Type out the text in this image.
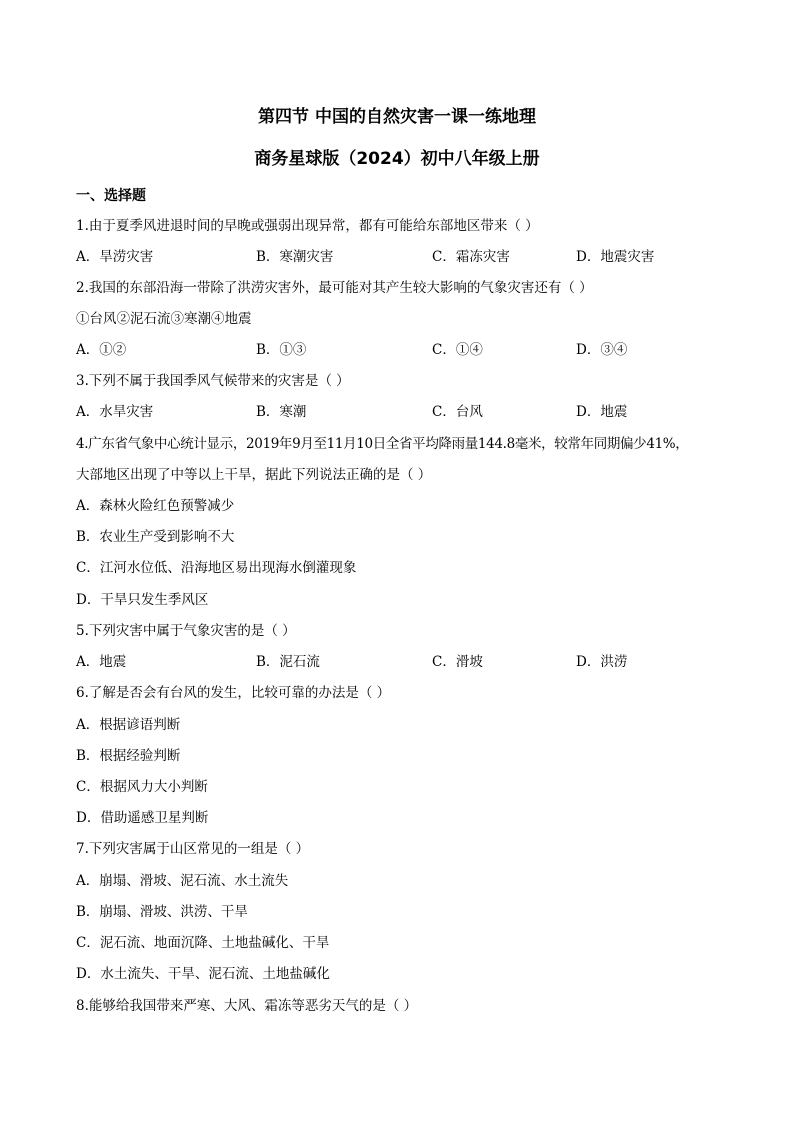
第四节 中国的自然灾害一课一练地理
商务星球版（2024）初中八年级上册
一、选择题
1.由于夏季风进退时间的早晚或强弱出现异常，都有可能给东部地区带来（ ）
A．旱涝灾害	B．寒潮灾害	C．霜冻灾害	D．地震灾害
2.我国的东部沿海一带除了洪涝灾害外，最可能对其产生较大影响的气象灾害还有（ ）
①台风②泥石流③寒潮④地震
A．①②	B．①③	C．①④	D．③④
3.下列不属于我国季风气候带来的灾害是（ ）
A．水旱灾害	B．寒潮	C．台风	D．地震
4.广东省气象中心统计显示，2019年9月至11月10日全省平均降雨量144.8毫米，较常年同期偏少41%，
大部地区出现了中等以上干旱，据此下列说法正确的是（ ）
A．森林火险红色预警减少
B．农业生产受到影响不大
C．江河水位低、沿海地区易出现海水倒灌现象
D．干旱只发生季风区
5.下列灾害中属于气象灾害的是（ ）
A．地震	B．泥石流	C．滑坡	D．洪涝
6.了解是否会有台风的发生，比较可靠的办法是（ ）
A．根据谚语判断
B．根据经验判断
C．根据风力大小判断
D．借助遥感卫星判断
7.下列灾害属于山区常见的一组是（ ）
A．崩塌、滑坡、泥石流、水土流失
B．崩塌、滑坡、洪涝、干旱
C．泥石流、地面沉降、土地盐碱化、干旱
D．水土流失、干旱、泥石流、土地盐碱化
8.能够给我国带来严寒、大风、霜冻等恶劣天气的是（ ）
